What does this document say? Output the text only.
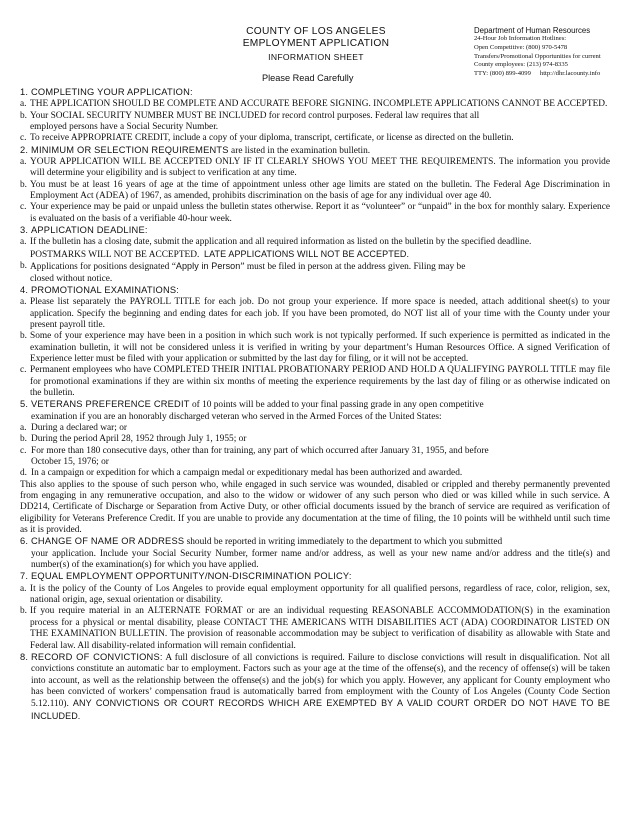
COUNTY OF LOS ANGELES
EMPLOYMENT APPLICATION
INFORMATION SHEET
Department of Human Resources
24-Hour Job Information Hotlines:
Open Competitive: (800) 970-5478
Transfers/Promotional Opportunities for current
County employees: (213) 974-8335
TTY: (800) 899-4099 http://dhr.lacounty.info
Please Read Carefully

1. COMPLETING YOUR APPLICATION:

a. THE APPLICATION SHOULD BE COMPLETE AND ACCURATE BEFORE SIGNING. INCOMPLETE APPLICATIONS CANNOT BE ACCEPTED.

b. Your SOCIAL SECURITY NUMBER MUST BE INCLUDED for record control purposes. Federal law requires that all
employed persons have a Social Security Number.

c. To receive APPROPRIATE CREDIT, include a copy of your diploma, transcript, certificate, or license as directed on the bulletin.

2. MINIMUM OR SELECTION REQUIREMENTS are listed in the examination bulletin.

a. YOUR APPLICATION WILL BE ACCEPTED ONLY IF IT CLEARLY SHOWS YOU MEET THE REQUIREMENTS. The information you provide will determine your eligibility and is subject to verification at any time.

b. You must be at least 16 years of age at the time of appointment unless other age limits are stated on the bulletin. The Federal Age Discrimination in Employment Act (ADEA) of 1967, as amended, prohibits discrimination on the basis of age for any individual over age 40.

c. Your experience may be paid or unpaid unless the bulletin states otherwise. Report it as “volunteer” or “unpaid” in the box for monthly salary. Experience is evaluated on the basis of a verifiable 40-hour week.

3. APPLICATION DEADLINE:

a. If the bulletin has a closing date, submit the application and all required information as listed on the bulletin by the specified deadline.
POSTMARKS WILL NOT BE ACCEPTED. LATE APPLICATIONS WILL NOT BE ACCEPTED.

b. Applications for positions designated “Apply in Person” must be filed in person at the address given. Filing may be
closed without notice.

4. PROMOTIONAL EXAMINATIONS:

a. Please list separately the PAYROLL TITLE for each job. Do not group your experience. If more space is needed, attach additional sheet(s) to your application. Specify the beginning and ending dates for each job. If you have been promoted, do NOT list all of your time with the County under your present payroll title.

b. Some of your experience may have been in a position in which such work is not typically performed. If such experience is permitted as indicated in the examination bulletin, it will not be considered unless it is verified in writing by your department’s Human Resources Office. A signed Verification of Experience letter must be filed with your application or submitted by the last day for filing, or it will not be accepted.

c. Permanent employees who have COMPLETED THEIR INITIAL PROBATIONARY PERIOD AND HOLD A QUALIFYING PAYROLL TITLE may file for promotional examinations if they are within six months of meeting the experience requirements by the last day of filing or as otherwise indicated on the bulletin.

5. VETERANS PREFERENCE CREDIT of 10 points will be added to your final passing grade in any open competitive
examination if you are an honorably discharged veteran who served in the Armed Forces of the United States:

a. During a declared war; or

b. During the period April 28, 1952 through July 1, 1955; or

c. For more than 180 consecutive days, other than for training, any part of which occurred after January 31, 1955, and before
October 15, 1976; or

d. In a campaign or expedition for which a campaign medal or expeditionary medal has been authorized and awarded.

This also applies to the spouse of such person who, while engaged in such service was wounded, disabled or crippled and thereby permanently prevented from engaging in any remunerative occupation, and also to the widow or widower of any such person who died or was killed while in such service. A DD214, Certificate of Discharge or Separation from Active Duty, or other official documents issued by the branch of service are required as verification of eligibility for Veterans Preference Credit. If you are unable to provide any documentation at the time of filing, the 10 points will be withheld until such time as it is provided.

6. CHANGE OF NAME OR ADDRESS should be reported in writing immediately to the department to which you submitted
your application. Include your Social Security Number, former name and/or address, as well as your new name and/or address and the title(s) and number(s) of the examination(s) for which you have applied.

7. EQUAL EMPLOYMENT OPPORTUNITY/NON-DISCRIMINATION POLICY:

a. It is the policy of the County of Los Angeles to provide equal employment opportunity for all qualified persons, regardless of race, color, religion, sex, national origin, age, sexual orientation or disability.

b. If you require material in an ALTERNATE FORMAT or are an individual requesting REASONABLE ACCOMMODATION(S) in the examination process for a physical or mental disability, please CONTACT THE AMERICANS WITH DISABILITIES ACT (ADA) COORDINATOR LISTED ON THE EXAMINATION BULLETIN. The provision of reasonable accommodation may be subject to verification of disability as allowable with State and Federal law. All disability-related information will remain confidential.

8. RECORD OF CONVICTIONS: A full disclosure of all convictions is required. Failure to disclose convictions will result in disqualification. Not all convictions constitute an automatic bar to employment. Factors such as your age at the time of the offense(s), and the recency of offense(s) will be taken into account, as well as the relationship between the offense(s) and the job(s) for which you apply. However, any applicant for County employment who has been convicted of workers’ compensation fraud is automatically barred from employment with the County of Los Angeles (County Code Section 5.12.110). ANY CONVICTIONS OR COURT RECORDS WHICH ARE EXEMPTED BY A VALID COURT ORDER DO NOT HAVE TO BE INCLUDED.
